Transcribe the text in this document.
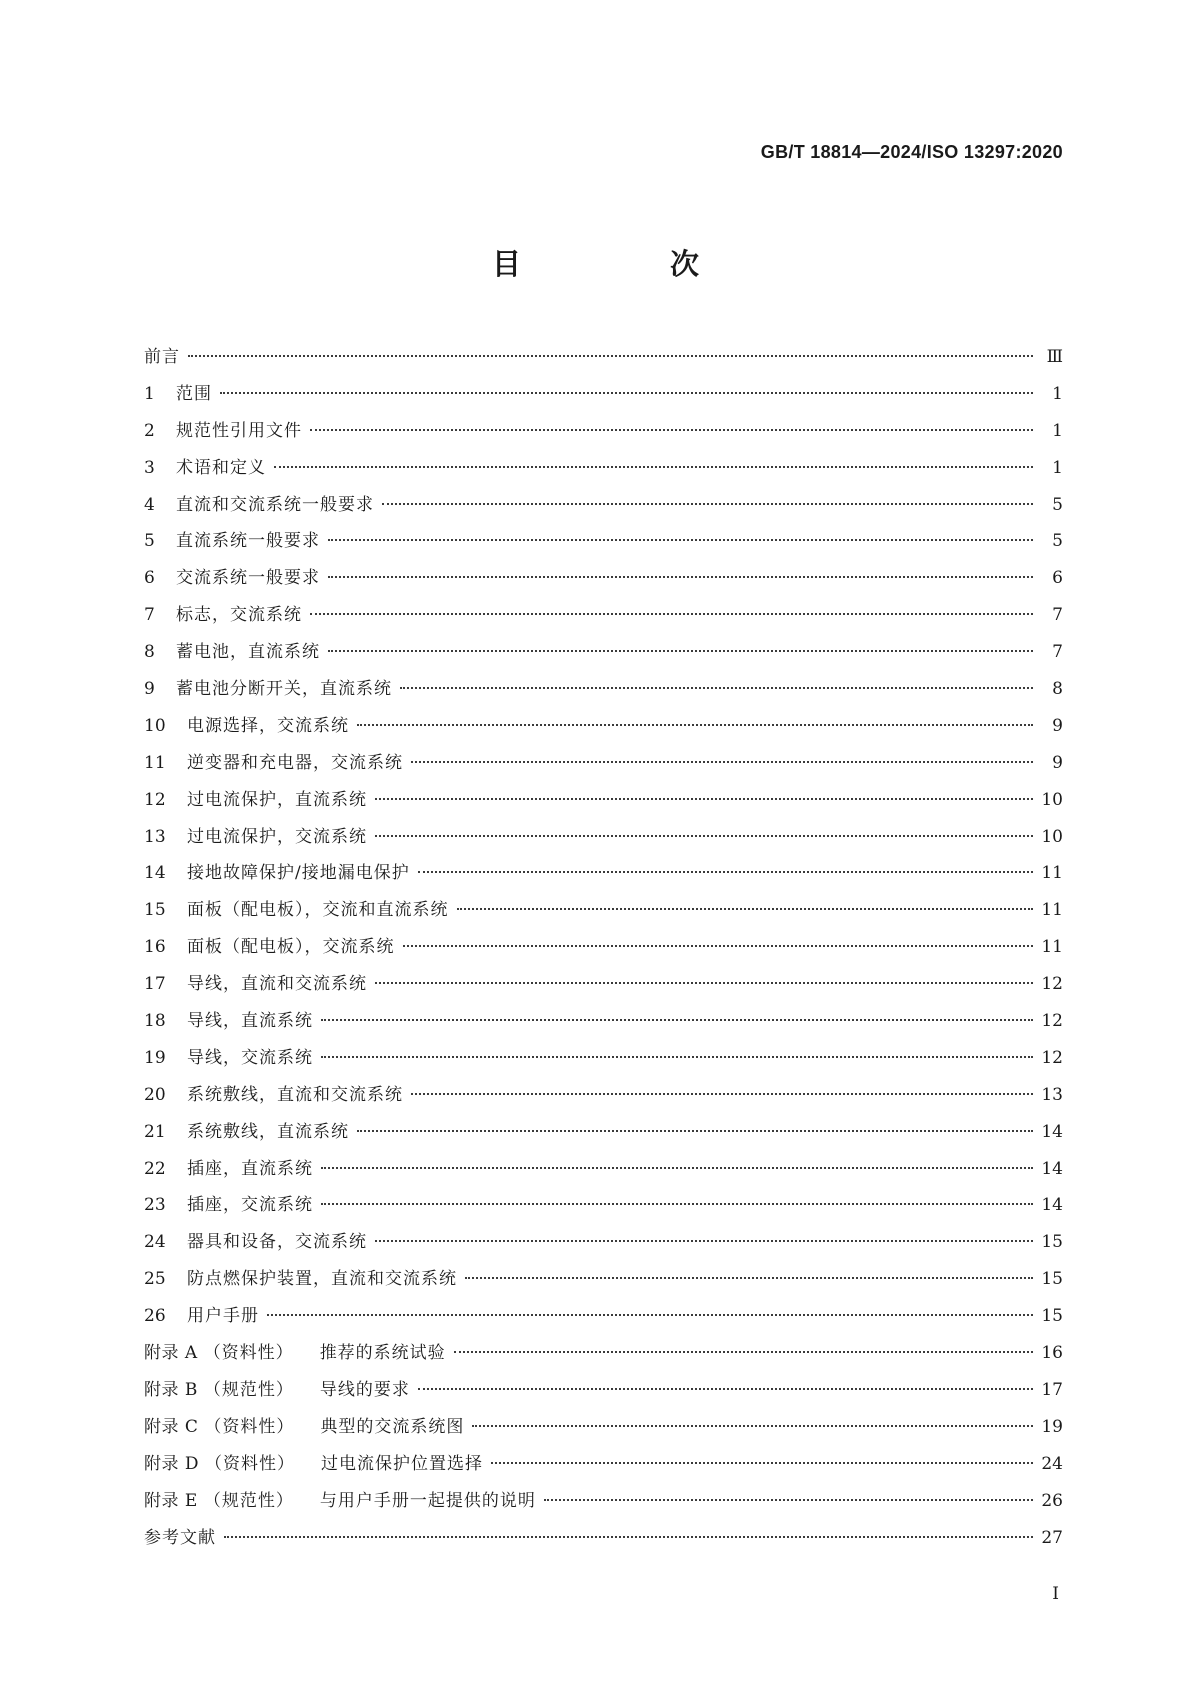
GB/T 18814—2024/ISO 13297:2020
目　次
前言	Ⅲ
1	范围	1
2	规范性引用文件	1
3	术语和定义	1
4	直流和交流系统一般要求	5
5	直流系统一般要求	5
6	交流系统一般要求	6
7	标志，交流系统	7
8	蓄电池，直流系统	7
9	蓄电池分断开关，直流系统	8
10	电源选择，交流系统	9
11	逆变器和充电器，交流系统	9
12	过电流保护，直流系统	10
13	过电流保护，交流系统	10
14	接地故障保护/接地漏电保护	11
15	面板（配电板），交流和直流系统	11
16	面板（配电板），交流系统	11
17	导线，直流和交流系统	12
18	导线，直流系统	12
19	导线，交流系统	12
20	系统敷线，直流和交流系统	13
21	系统敷线，直流系统	14
22	插座，直流系统	14
23	插座，交流系统	14
24	器具和设备，交流系统	15
25	防点燃保护装置，直流和交流系统	15
26	用户手册	15
附录 A （资料性） 推荐的系统试验	16
附录 B （规范性） 导线的要求	17
附录 C （资料性） 典型的交流系统图	19
附录 D （资料性） 过电流保护位置选择	24
附录 E （规范性） 与用户手册一起提供的说明	26
参考文献	27
I
